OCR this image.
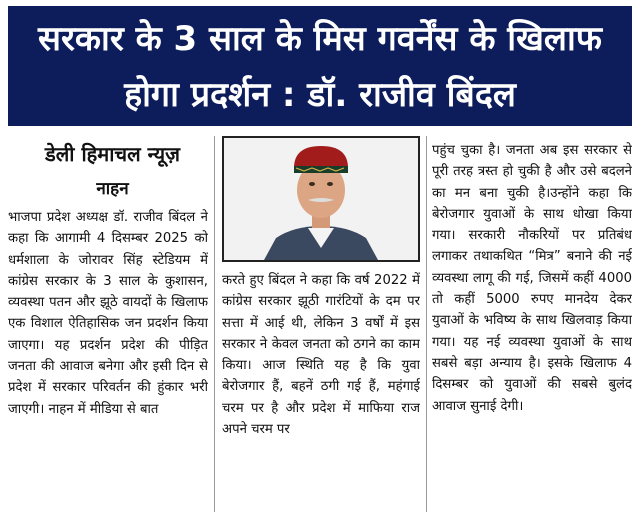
सरकार के 3 साल के मिस गवर्नेंस के खिलाफ
होगा प्रदर्शन : डॉ. राजीव बिंदल
डेली हिमाचल न्यूज़
नाहन
भाजपा प्रदेश अध्यक्ष डॉ. राजीव बिंदल ने कहा कि आगामी 4 दिसम्बर 2025 को धर्मशाला के जोरावर सिंह स्टेडियम में कांग्रेस सरकार के 3 साल के कुशासन, व्यवस्था पतन और झूठे वायदों के खिलाफ एक विशाल ऐतिहासिक जन प्रदर्शन किया जाएगा। यह प्रदर्शन प्रदेश की पीड़ित जनता की आवाज बनेगा और इसी दिन से प्रदेश में सरकार परिवर्तन की हुंकार भरी जाएगी। नाहन में मीडिया से बात
करते हुए बिंदल ने कहा कि वर्ष 2022 में कांग्रेस सरकार झूठी गारंटियों के दम पर सत्ता में आई थी, लेकिन 3 वर्षों में इस सरकार ने केवल जनता को ठगने का काम किया। आज स्थिति यह है कि युवा बेरोजगार हैं, बहनें ठगी गई हैं, महंगाई चरम पर है और प्रदेश में माफिया राज अपने चरम पर
पहुंच चुका है। जनता अब इस सरकार से पूरी तरह त्रस्त हो चुकी है और उसे बदलने का मन बना चुकी है।उन्होंने कहा कि बेरोजगार युवाओं के साथ धोखा किया गया। सरकारी नौकरियों पर प्रतिबंध लगाकर तथाकथित “मित्र” बनाने की नई व्यवस्था लागू की गई, जिसमें कहीं 4000 तो कहीं 5000 रुपए मानदेय देकर युवाओं के भविष्य के साथ खिलवाड़ किया गया। यह नई व्यवस्था युवाओं के साथ सबसे बड़ा अन्याय है। इसके खिलाफ 4 दिसम्बर को युवाओं की सबसे बुलंद आवाज सुनाई देगी।
